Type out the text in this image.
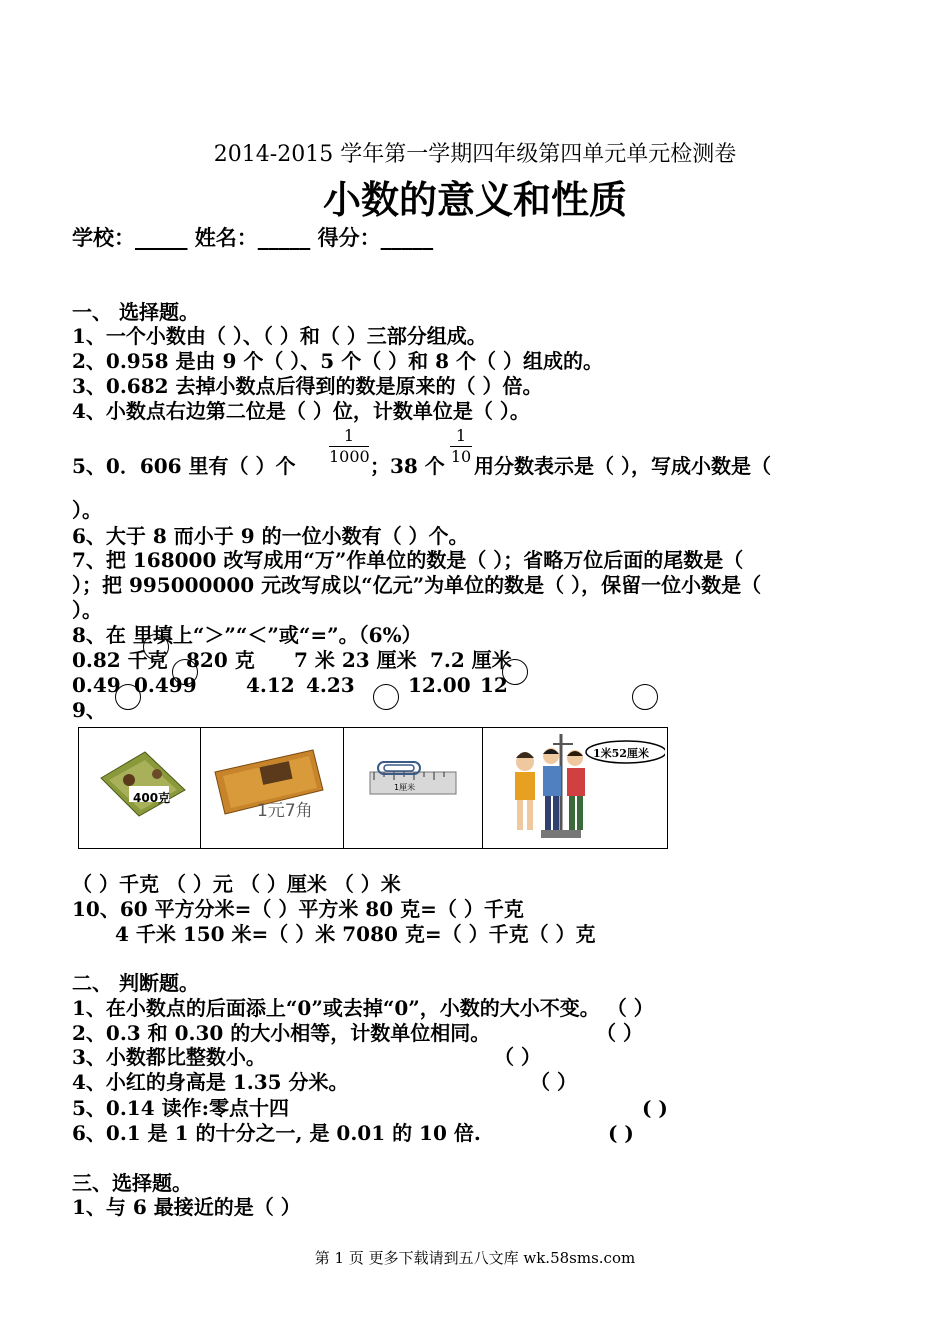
2014-2015 学年第一学期四年级第四单元单元检测卷
小数的意义和性质
学校：_____ 姓名：_____ 得分：_____
一、 选择题。
1、一个小数由（ ）、（ ）和（ ）三部分组成。
2、0.958 是由 9 个（ ）、5 个（ ）和 8 个（ ）组成的。
3、0.682 去掉小数点后得到的数是原来的（ ）倍。
4、小数点右边第二位是（ ）位，计数单位是（ ）。
5、0．606 里有（ ）个
1
1000 ；38 个
1
10 用分数表示是（ ），写成小数是（
）。
6、大于 8 而小于 9 的一位小数有（ ）个。
7、把 168000 改写成用“万”作单位的数是（ ）；省略万位后面的尾数是（
）；把 995000000 元改写成以“亿元”为单位的数是（ ），保留一位小数是（
）。
8、在 里填上“＞”“＜”或“=”。（6%）
0.82 千克 820 克 7 米 23 厘米 7.2 厘米
0.49 0.499 4.12 4.23	12.00 12
9、
400克
1元7角
1厘米
1米52厘米
（ ）千克 （ ）元 （ ）厘米 （ ）米
10、60 平方分米=（ ）平方米 80 克=（ ）千克
4 千米 150 米=（ ）米 7080 克=（ ）千克（ ）克
二、 判断题。
1、在小数点的后面添上“0”或去掉“0”，小数的大小不变。 （ ）
2、0.3 和 0.30 的大小相等，计数单位相同。	（ ）
3、小数都比整数小。	（ ）
4、小红的身高是 1.35 分米。	（ ）
5、0.14 读作:零点十四	( )
6、0.1 是 1 的十分之一, 是 0.01 的 10 倍.	( )
三、选择题。
1、与 6 最接近的是（ ）
第 1 页 更多下载请到五八文库 wk.58sms.com
